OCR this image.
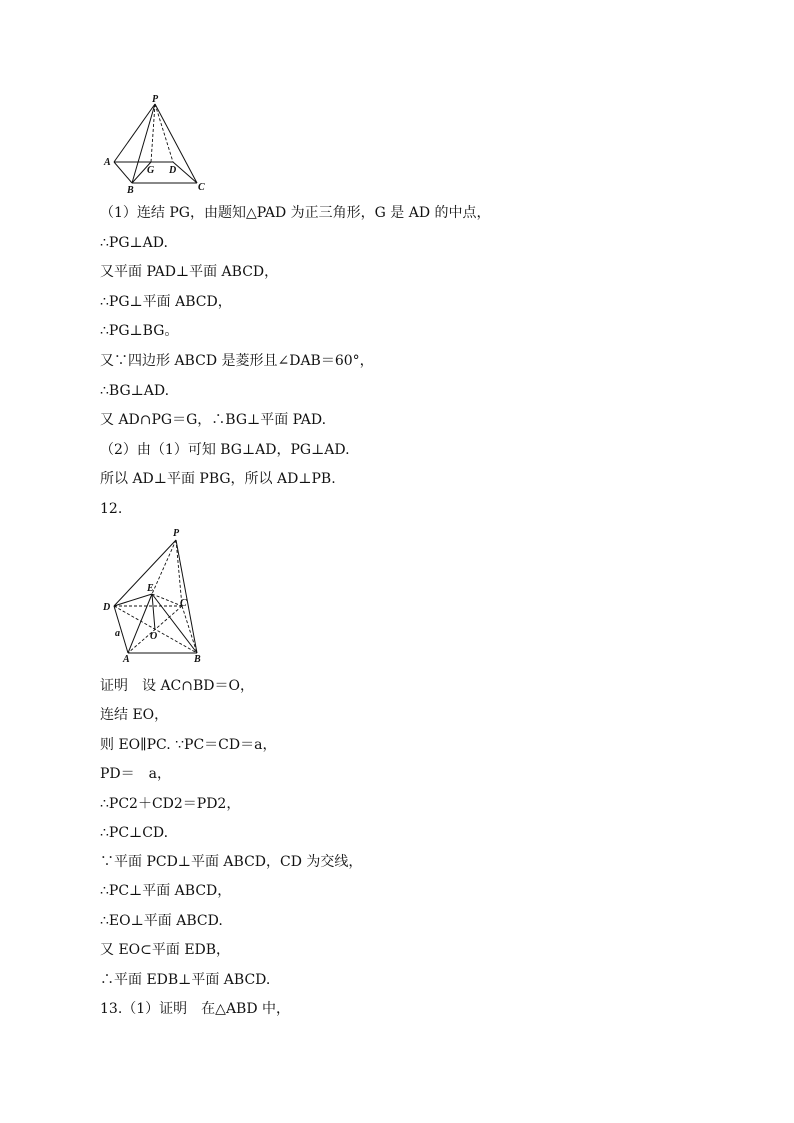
P
A
B
G D
C
（1）连结 PG，由题知△PAD 为正三角形，G 是 AD 的中点，
∴PG⊥AD.
又平面 PAD⊥平面 ABCD，
∴PG⊥平面 ABCD，
∴PG⊥BG。
又∵四边形 ABCD 是菱形且∠DAB＝60°，
∴BG⊥AD.
又 AD∩PG＝G，∴BG⊥平面 PAD.
（2）由（1）可知 BG⊥AD，PG⊥AD.
所以 AD⊥平面 PBG，所以 AD⊥PB.
12.
P
E
D	C
a	O
A	B
证明　设 AC∩BD＝O，
连结 EO，
则 EO∥PC. ∵PC＝CD＝a，
PD＝　a，
∴PC2＋CD2＝PD2，
∴PC⊥CD.
∵平面 PCD⊥平面 ABCD，CD 为交线，
∴PC⊥平面 ABCD，
∴EO⊥平面 ABCD.
又 EO⊂平面 EDB，
∴平面 EDB⊥平面 ABCD.
13.（1）证明　在△ABD 中，
